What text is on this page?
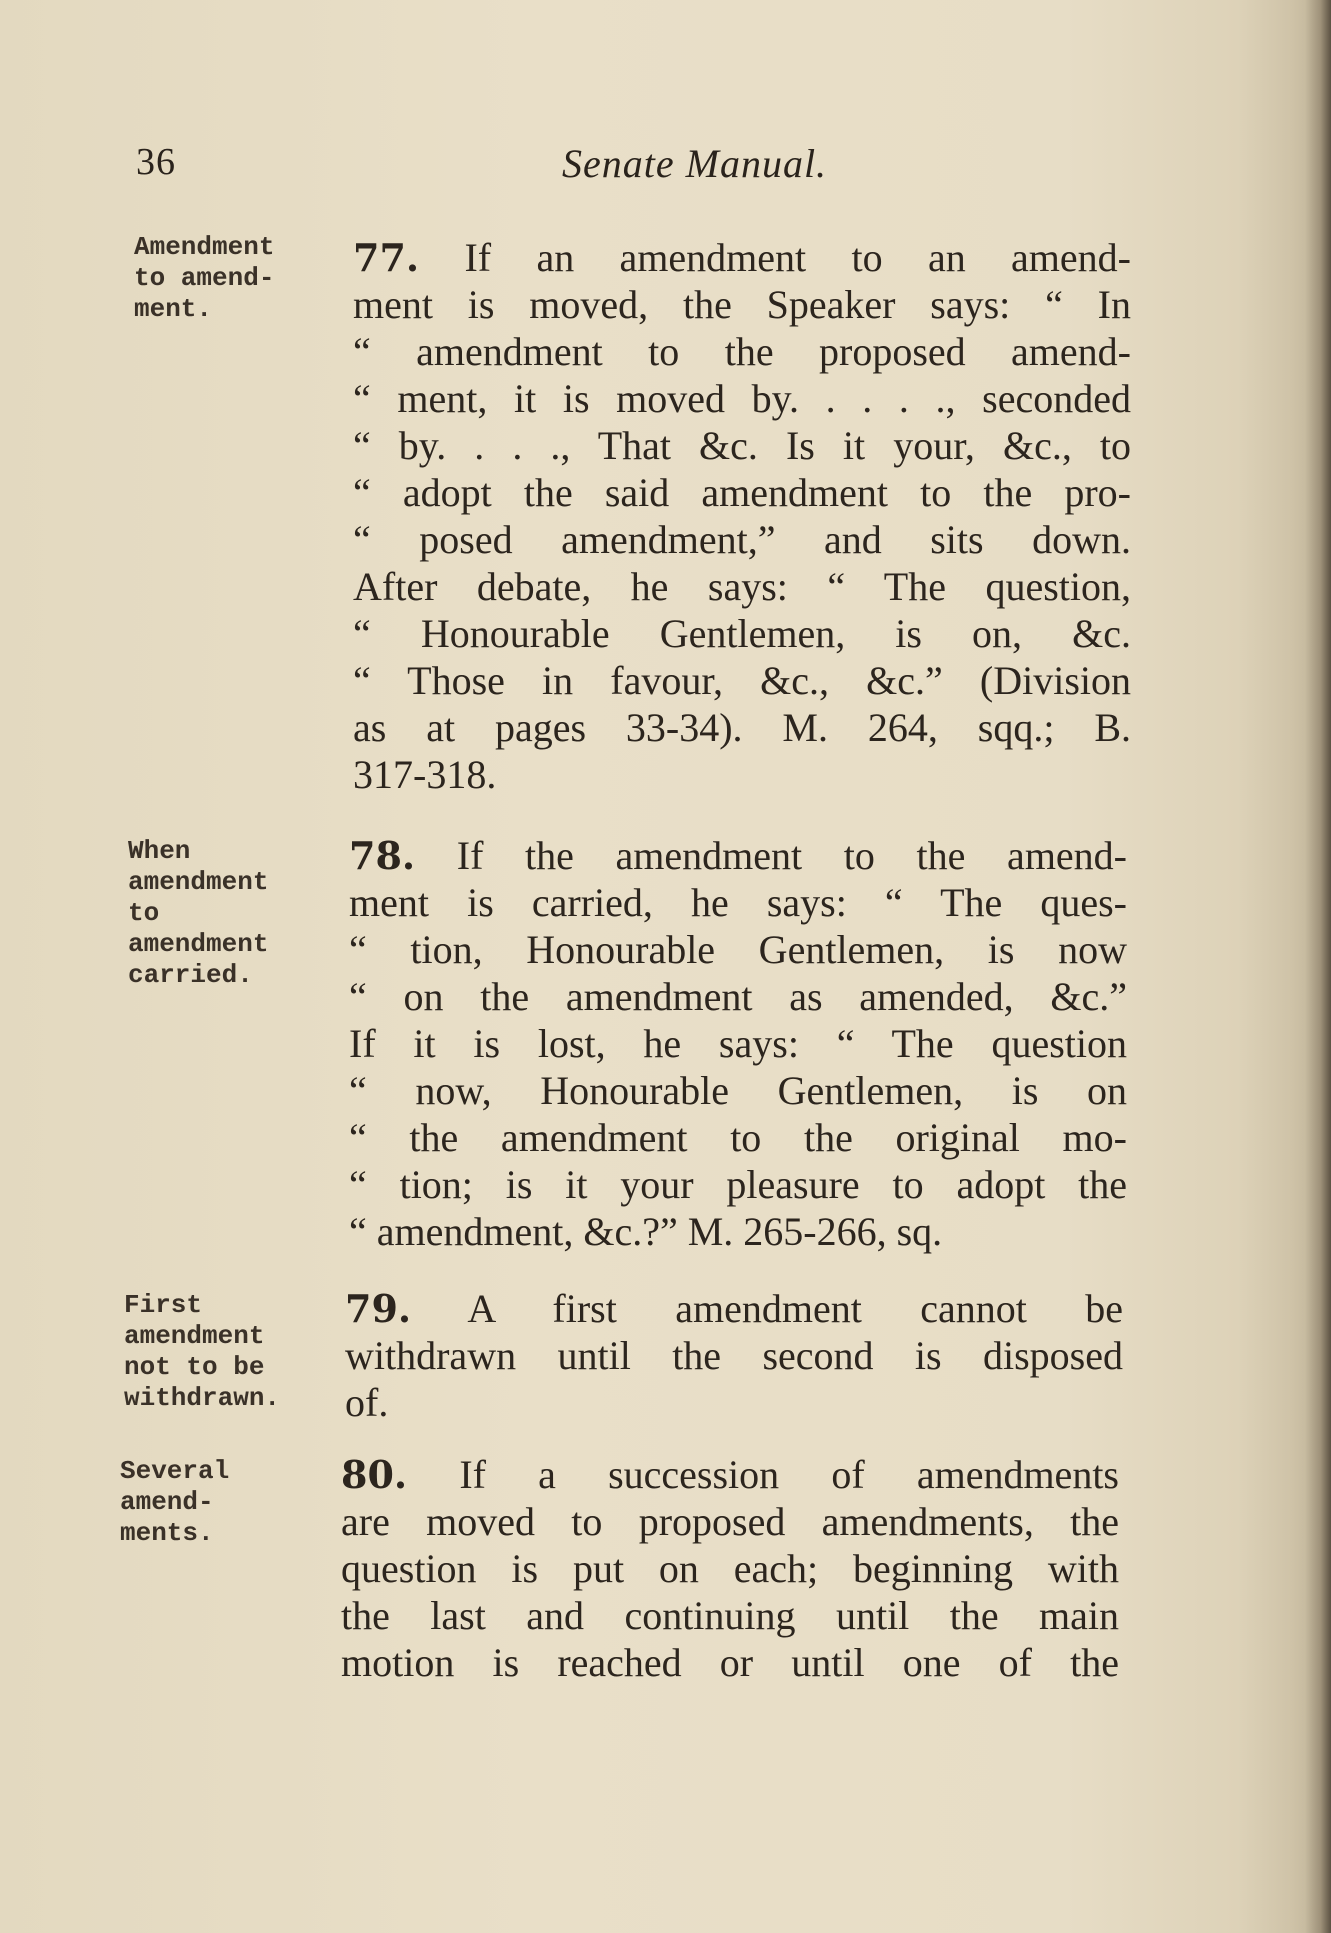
36	Senate Manual.
Amendment
to amend-
ment.
77. If an amendment to an amend-
ment is moved, the Speaker says: “ In
“ amendment to the proposed amend-
“ ment, it is moved by. . . . ., seconded
“ by. . . ., That &c. Is it your, &c., to
“ adopt the said amendment to the pro-
“ posed amendment,” and sits down.
After debate, he says: “ The question,
“ Honourable Gentlemen, is on, &c.
“ Those in favour, &c., &c.” (Division
as at pages 33-34). M. 264, sqq.; B.
317-318.
When
amendment
to
amendment
carried.
78. If the amendment to the amend-
ment is carried, he says: “ The ques-
“ tion, Honourable Gentlemen, is now
“ on the amendment as amended, &c.”
If it is lost, he says: “ The question
“ now, Honourable Gentlemen, is on
“ the amendment to the original mo-
“ tion; is it your pleasure to adopt the
“ amendment, &c.?” M. 265-266, sq.
First
amendment
not to be
withdrawn.
79. A first amendment cannot be
withdrawn until the second is disposed
of.
Several
amend-
ments.
80. If a succession of amendments
are moved to proposed amendments, the
question is put on each; beginning with
the last and continuing until the main
motion is reached or until one of the
